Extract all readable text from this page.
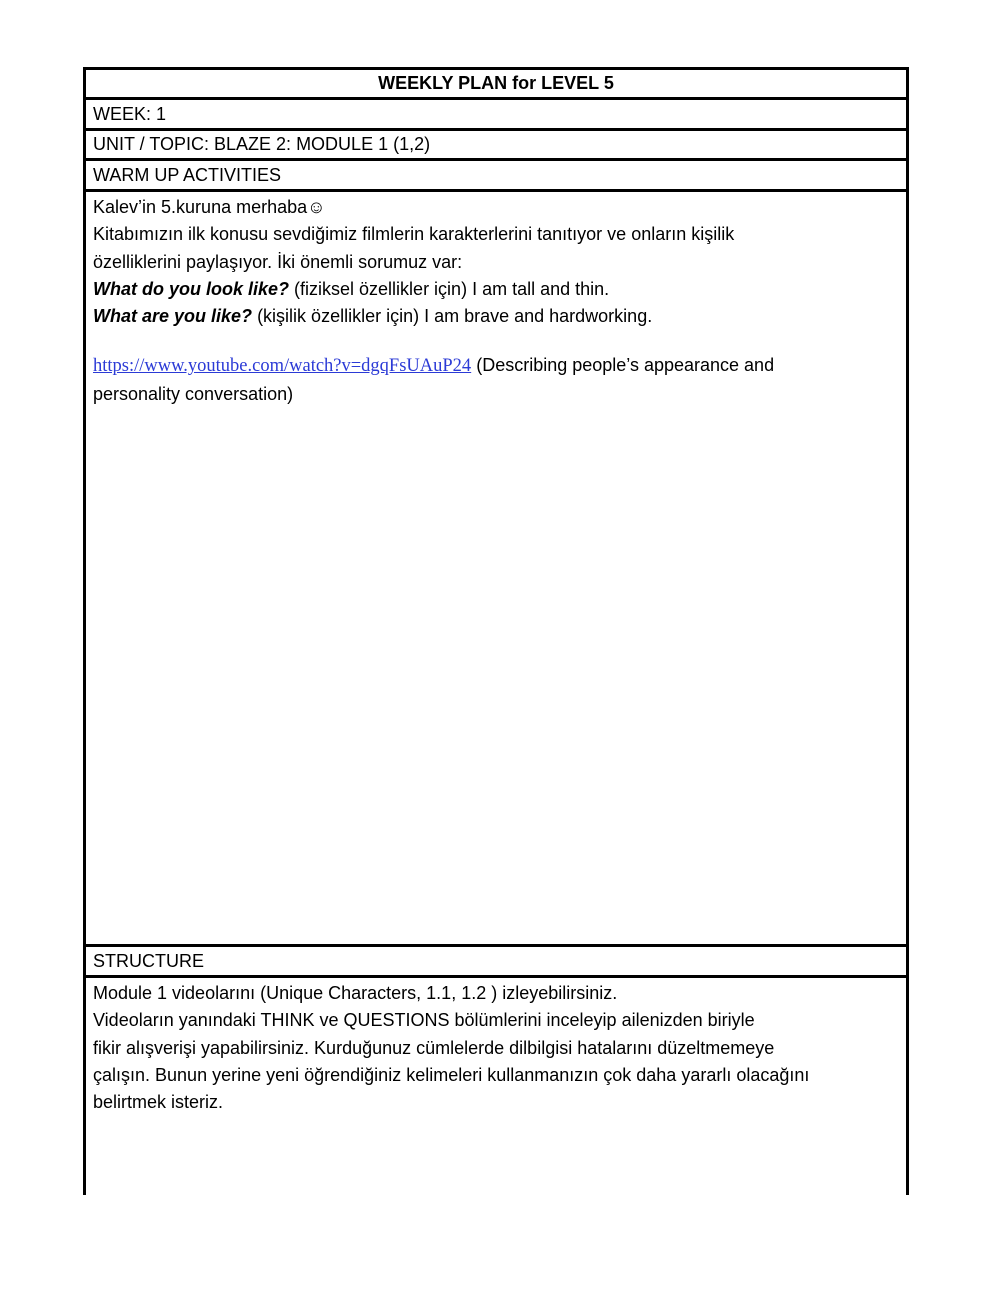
WEEKLY PLAN for LEVEL 5
WEEK: 1
UNIT / TOPIC: BLAZE 2: MODULE 1 (1,2)
WARM UP ACTIVITIES
Kalev’in 5.kuruna merhaba☺
Kitabımızın ilk konusu sevdiğimiz filmlerin karakterlerini tanıtıyor ve onların kişilik
özelliklerini paylaşıyor. İki önemli sorumuz var:
What do you look like? (fiziksel özellikler için) I am tall and thin.
What are you like? (kişilik özellikler için) I am brave and hardworking.
https://www.youtube.com/watch?v=dgqFsUAuP24 (Describing people’s appearance and
personality conversation)
STRUCTURE
Module 1 videolarını (Unique Characters, 1.1, 1.2 ) izleyebilirsiniz.
Videoların yanındaki THINK ve QUESTIONS bölümlerini inceleyip ailenizden biriyle
fikir alışverişi yapabilirsiniz. Kurduğunuz cümlelerde dilbilgisi hatalarını düzeltmemeye
çalışın. Bunun yerine yeni öğrendiğiniz kelimeleri kullanmanızın çok daha yararlı olacağını
belirtmek isteriz.
